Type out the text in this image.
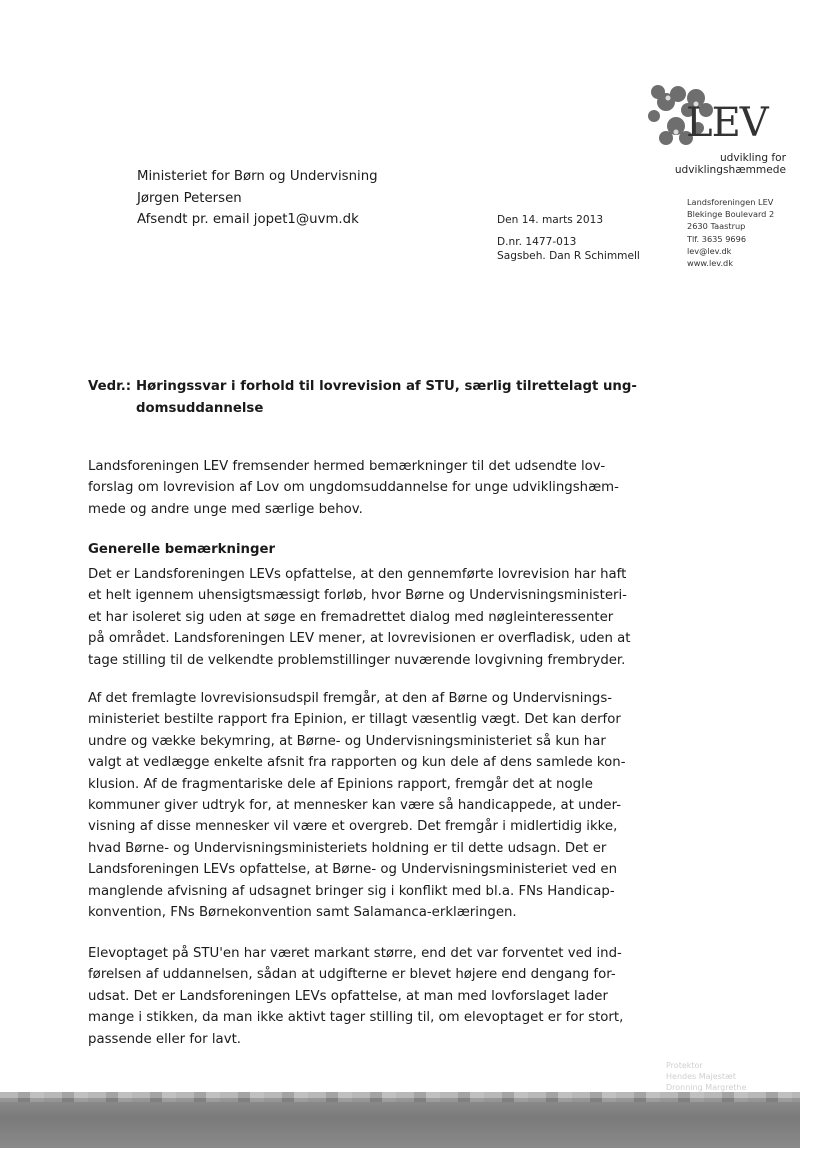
LEV
udvikling for
udviklingshæmmede
Ministeriet for Børn og Undervisning
Jørgen Petersen
Afsendt pr. email jopet1@uvm.dk	Den 14. marts 2013
D.nr. 1477-013
Sagsbeh. Dan R Schimmell
Landsforeningen LEV
Blekinge Boulevard 2
2630 Taastrup
Tlf. 3635 9696
lev@lev.dk
www.lev.dk
Vedr.: Høringssvar i forhold til lovrevision af STU, særlig tilrettelagt ung-
domsuddannelse

Landsforeningen LEV fremsender hermed bemærkninger til det udsendte lov-

forslag om lovrevision af Lov om ungdomsuddannelse for unge udviklingshæm-

mede og andre unge med særlige behov.

Generelle bemærkninger

Det er Landsforeningen LEVs opfattelse, at den gennemførte lovrevision har haft

et helt igennem uhensigtsmæssigt forløb, hvor Børne og Undervisningsministeri-

et har isoleret sig uden at søge en fremadrettet dialog med nøgleinteressenter

på området. Landsforeningen LEV mener, at lovrevisionen er overfladisk, uden at

tage stilling til de velkendte problemstillinger nuværende lovgivning frembryder.

Af det fremlagte lovrevisionsudspil fremgår, at den af Børne og Undervisnings-

ministeriet bestilte rapport fra Epinion, er tillagt væsentlig vægt. Det kan derfor

undre og vække bekymring, at Børne- og Undervisningsministeriet så kun har

valgt at vedlægge enkelte afsnit fra rapporten og kun dele af dens samlede kon-

klusion. Af de fragmentariske dele af Epinions rapport, fremgår det at nogle

kommuner giver udtryk for, at mennesker kan være så handicappede, at under-

visning af disse mennesker vil være et overgreb. Det fremgår i midlertidig ikke,

hvad Børne- og Undervisningsministeriets holdning er til dette udsagn. Det er

Landsforeningen LEVs opfattelse, at Børne- og Undervisningsministeriet ved en

manglende afvisning af udsagnet bringer sig i konflikt med bl.a. FNs Handicap-

konvention, FNs Børnekonvention samt Salamanca-erklæringen.

Elevoptaget på STU'en har været markant større, end det var forventet ved ind-

førelsen af uddannelsen, sådan at udgifterne er blevet højere end dengang for-

udsat. Det er Landsforeningen LEVs opfattelse, at man med lovforslaget lader

mange i stikken, da man ikke aktivt tager stilling til, om elevoptaget er for stort,

passende eller for lavt.

Protektor
Hendes Majestæt
Dronning Margrethe
